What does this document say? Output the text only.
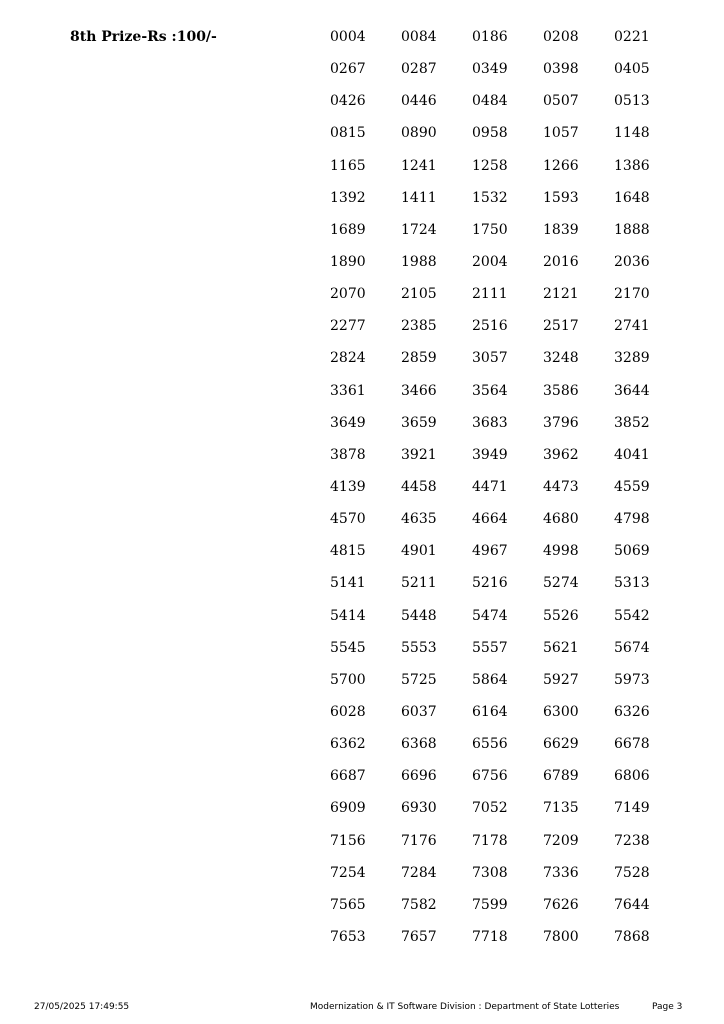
8th Prize-Rs :100/-	0004	0084	0186	0208	0221
0267	0287	0349	0398	0405
0426	0446	0484	0507	0513
0815	0890	0958	1057	1148
1165	1241	1258	1266	1386
1392	1411	1532	1593	1648
1689	1724	1750	1839	1888
1890	1988	2004	2016	2036
2070	2105	2111	2121	2170
2277	2385	2516	2517	2741
2824	2859	3057	3248	3289
3361	3466	3564	3586	3644
3649	3659	3683	3796	3852
3878	3921	3949	3962	4041
4139	4458	4471	4473	4559
4570	4635	4664	4680	4798
4815	4901	4967	4998	5069
5141	5211	5216	5274	5313
5414	5448	5474	5526	5542
5545	5553	5557	5621	5674
5700	5725	5864	5927	5973
6028	6037	6164	6300	6326
6362	6368	6556	6629	6678
6687	6696	6756	6789	6806
6909	6930	7052	7135	7149
7156	7176	7178	7209	7238
7254	7284	7308	7336	7528
7565	7582	7599	7626	7644
7653	7657	7718	7800	7868
27/05/2025 17:49:55	Modernization & IT Software Division : Department of State Lotteries	Page 3
